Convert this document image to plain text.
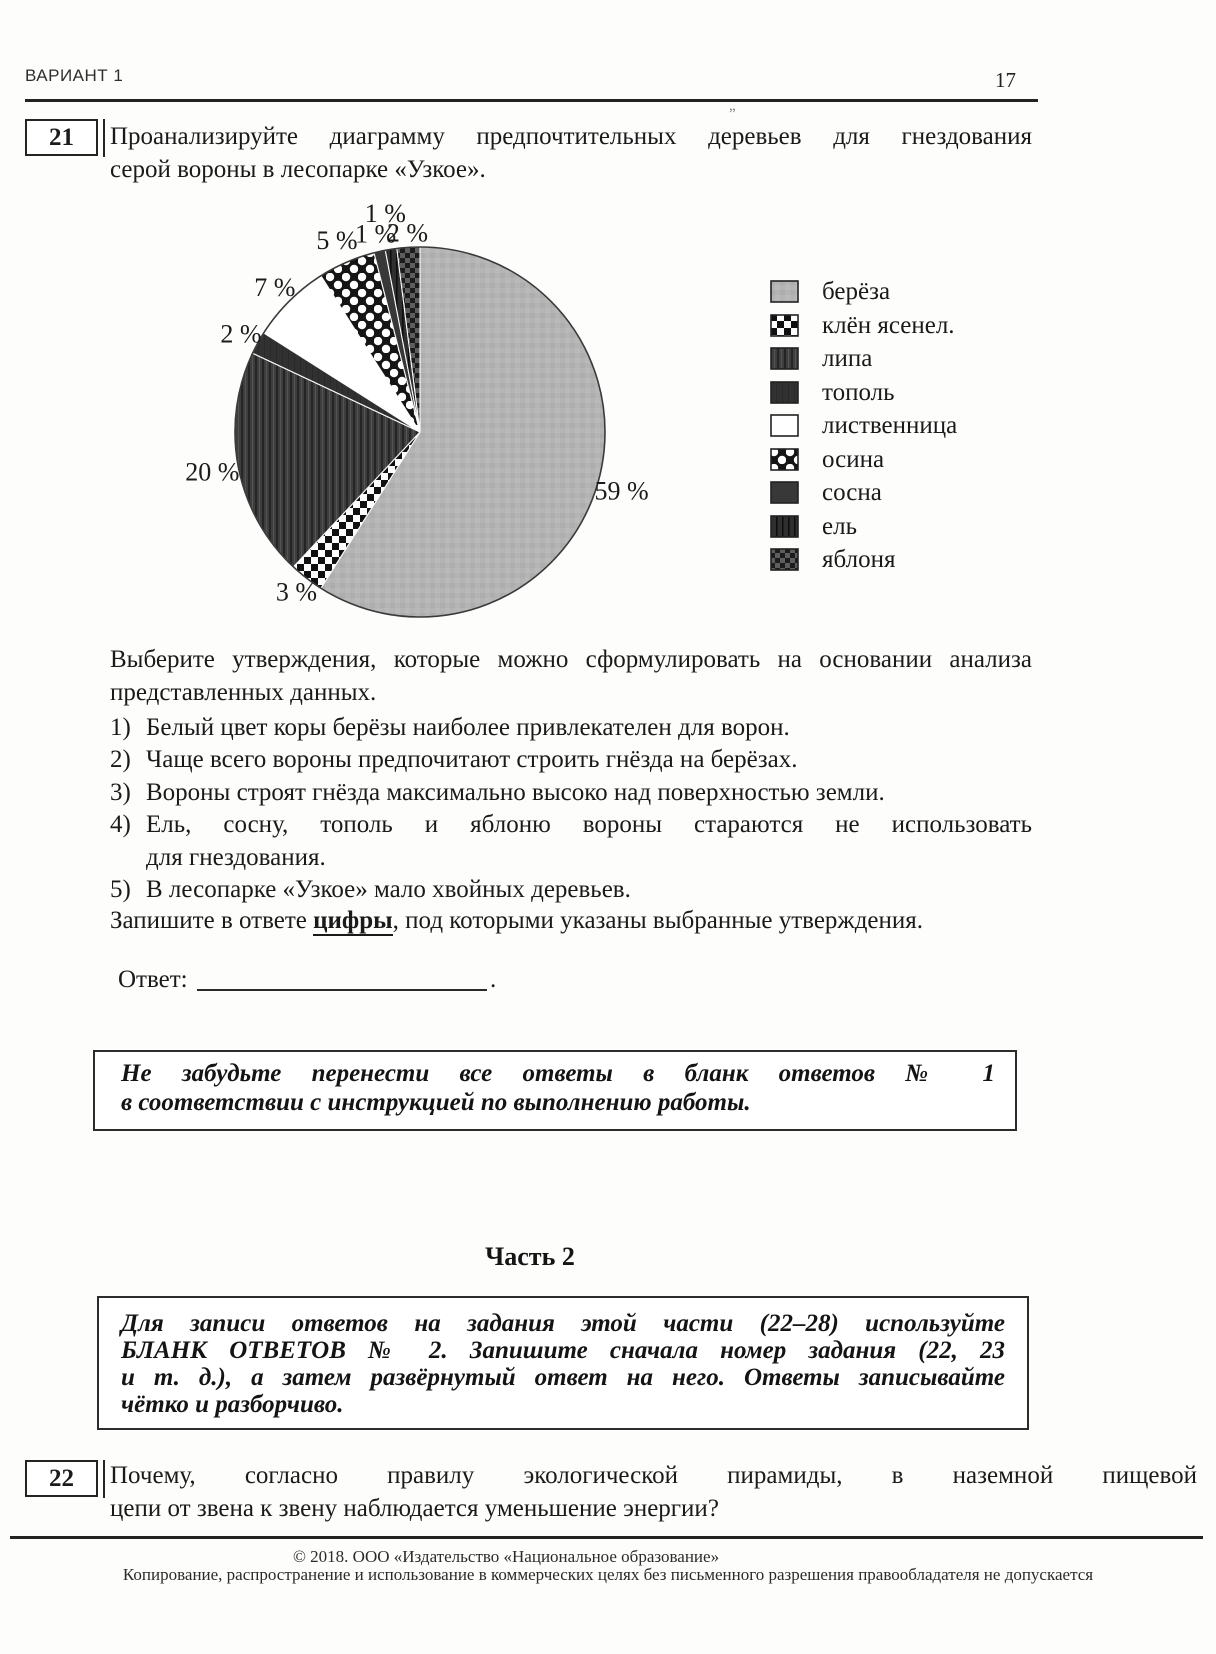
ВАРИАНТ 1	17
„
21 Проанализируйте диаграмму предпочтительных деревьев для гнездования
серой вороны в лесопарке «Узкое».
59 %
3 %
20 %
2 %
7 %
5 %
1 %
1 %
2 %
берёза
клён ясенел.
липа
тополь
лиственница
осина
сосна
ель
яблоня
Выберите утверждения, которые можно сформулировать на основании анализа
представленных данных.
1) Белый цвет коры берёзы наиболее привлекателен для ворон.
2) Чаще всего вороны предпочитают строить гнёзда на берёзах.
3) Вороны строят гнёзда максимально высоко над поверхностью земли.
4) Ель, сосну, тополь и яблоню вороны стараются не использовать
для гнездования.
5) В лесопарке «Узкое» мало хвойных деревьев.
Запишите в ответе цифры, под которыми указаны выбранные утверждения.
Ответ:	.
Не забудьте перенести все ответы в бланк ответов № 1
в соответствии с инструкцией по выполнению работы.
Часть 2
Для записи ответов на задания этой части (22–28) используйте
БЛАНК ОТВЕТОВ № 2. Запишите сначала номер задания (22, 23
и т. д.), а затем развёрнутый ответ на него. Ответы записывайте
чётко и разборчиво.
22 Почему, согласно правилу экологической пирамиды, в наземной пищевой
цепи от звена к звену наблюдается уменьшение энергии?
© 2018. ООО «Издательство «Национальное образование»
Копирование, распространение и использование в коммерческих целях без письменного разрешения правообладателя не допускается
